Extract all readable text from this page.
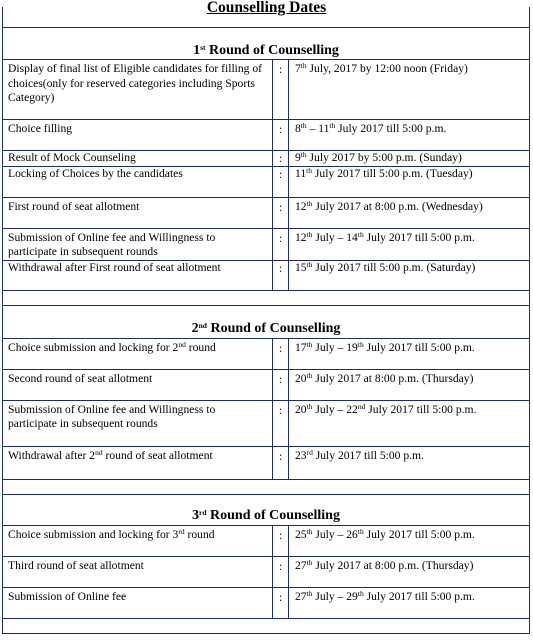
Counselling Dates

1st Round of Counselling		

Display of final list of Eligible candidates for filling of choices(only for reserved categories including Sports Category)	:	7th July, 2017 by 12:00 noon (Friday)

Choice filling	:	8th – 11th July 2017 till 5:00 p.m.

Result of Mock Counseling	:	9th July 2017 by 5:00 p.m. (Sunday)

Locking of Choices by the candidates	:	11th July 2017 till 5:00 p.m. (Tuesday)

First round of seat allotment	:	12th July 2017 at 8:00 p.m. (Wednesday)

Submission of Online fee and Willingness to participate in subsequent rounds	:	12th July – 14th July 2017 till 5:00 p.m.

Withdrawal after First round of seat allotment	:	15th July 2017 till 5:00 p.m. (Saturday)

2nd Round of Counselling		

Choice submission and locking for 2nd round	:	17th July – 19th July 2017 till 5:00 p.m.

Second round of seat allotment	:	20th July 2017 at 8:00 p.m. (Thursday)

Submission of Online fee and Willingness to participate in subsequent rounds	:	20th July – 22nd July 2017 till 5:00 p.m.

Withdrawal after 2nd round of seat allotment	:	23rd July 2017 till 5:00 p.m.

3rd Round of Counselling		

Choice submission and locking for 3rd round	:	25th July – 26th July 2017 till 5:00 p.m.

Third round of seat allotment	:	27th July 2017 at 8:00 p.m. (Thursday)

Submission of Online fee	:	27th July – 29th July 2017 till 5:00 p.m.
